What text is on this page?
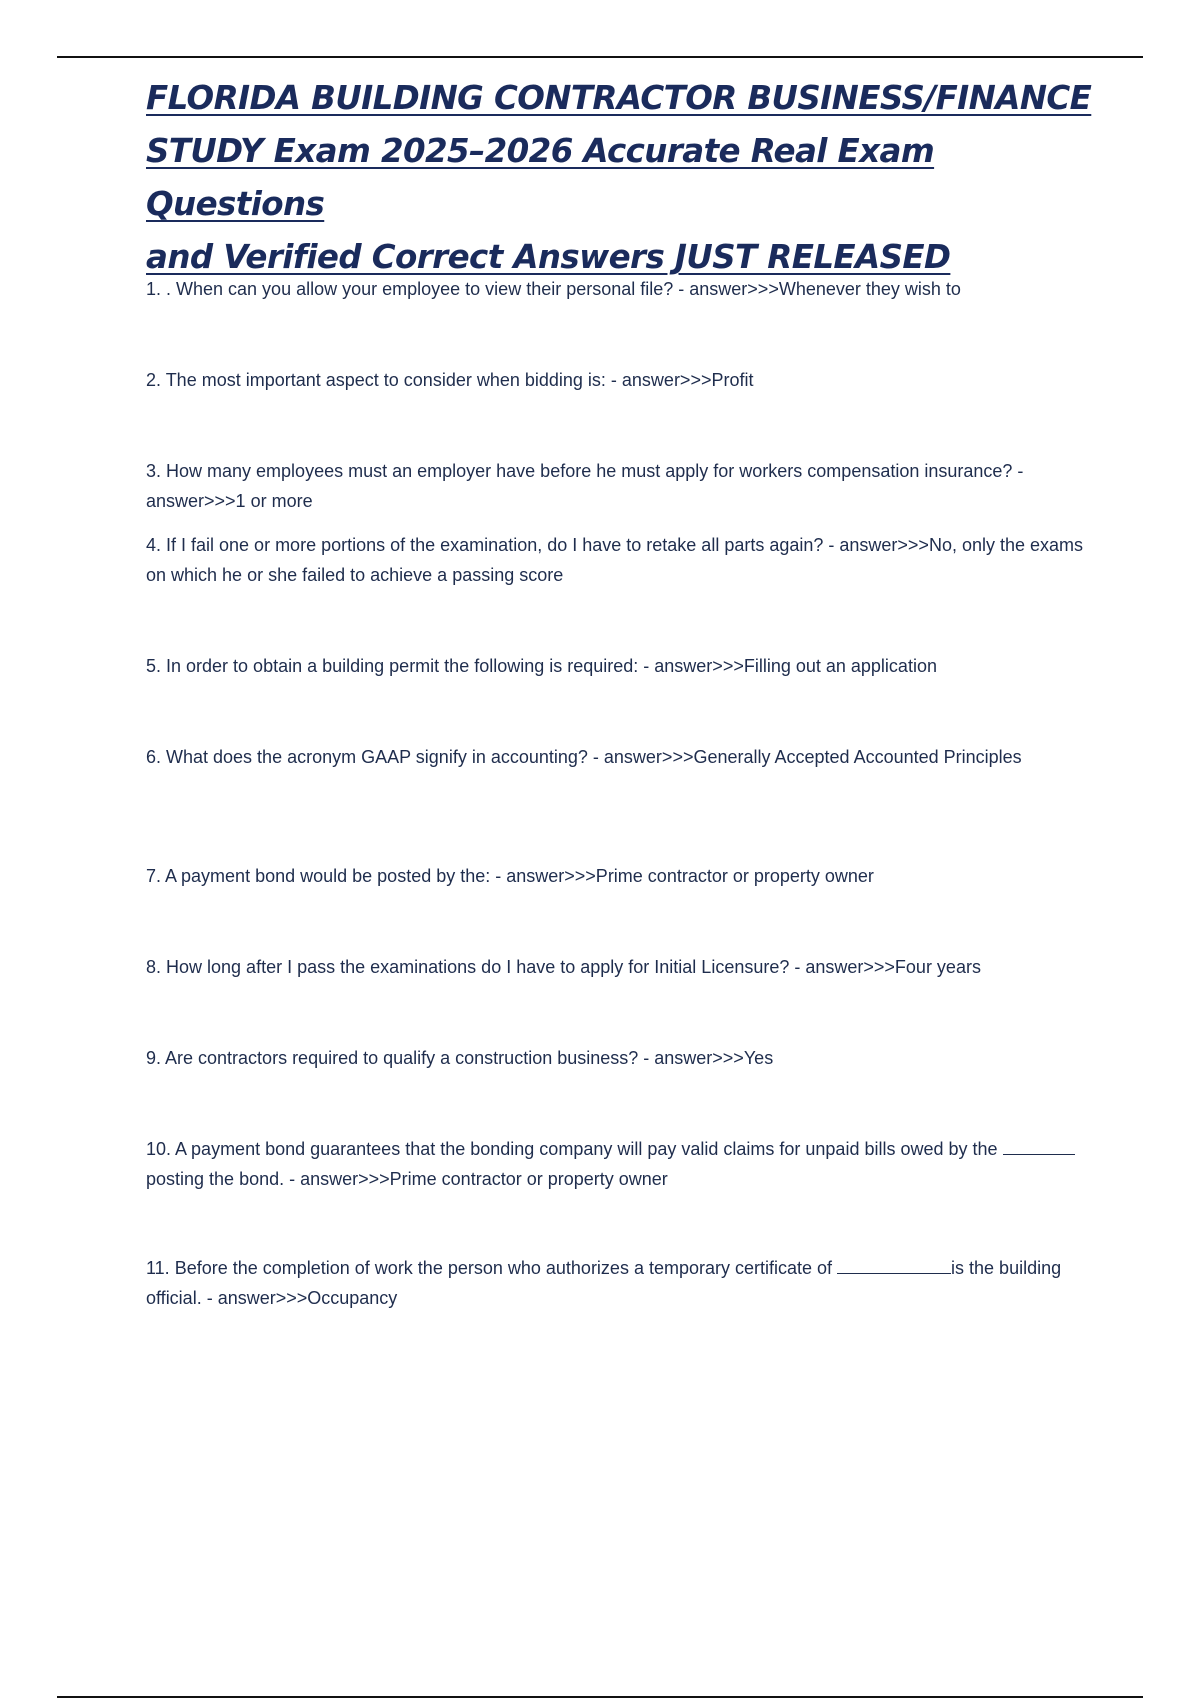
FLORIDA BUILDING CONTRACTOR BUSINESS/FINANCE
STUDY Exam 2025–2026 Accurate Real Exam Questions
and Verified Correct Answers JUST RELEASED

1. . When can you allow your employee to view their personal file? - answer>>>Whenever they wish to

2. The most important aspect to consider when bidding is: - answer>>>Profit

3. How many employees must an employer have before he must apply for workers compensation insurance? - answer>>>1 or more

4. If I fail one or more portions of the examination, do I have to retake all parts again? - answer>>>No, only the exams on which he or she failed to achieve a passing score

5. In order to obtain a building permit the following is required: - answer>>>Filling out an application

6. What does the acronym GAAP signify in accounting? - answer>>>Generally Accepted Accounted Principles

7. A payment bond would be posted by the: - answer>>>Prime contractor or property owner

8. How long after I pass the examinations do I have to apply for Initial Licensure? - answer>>>Four years

9. Are contractors required to qualify a construction business? - answer>>>Yes

10. A payment bond guarantees that the bonding company will pay valid claims for unpaid bills owed by the posting the bond. - answer>>>Prime contractor or property owner

11. Before the completion of work the person who authorizes a temporary certificate of	is the building official. - answer>>>Occupancy
